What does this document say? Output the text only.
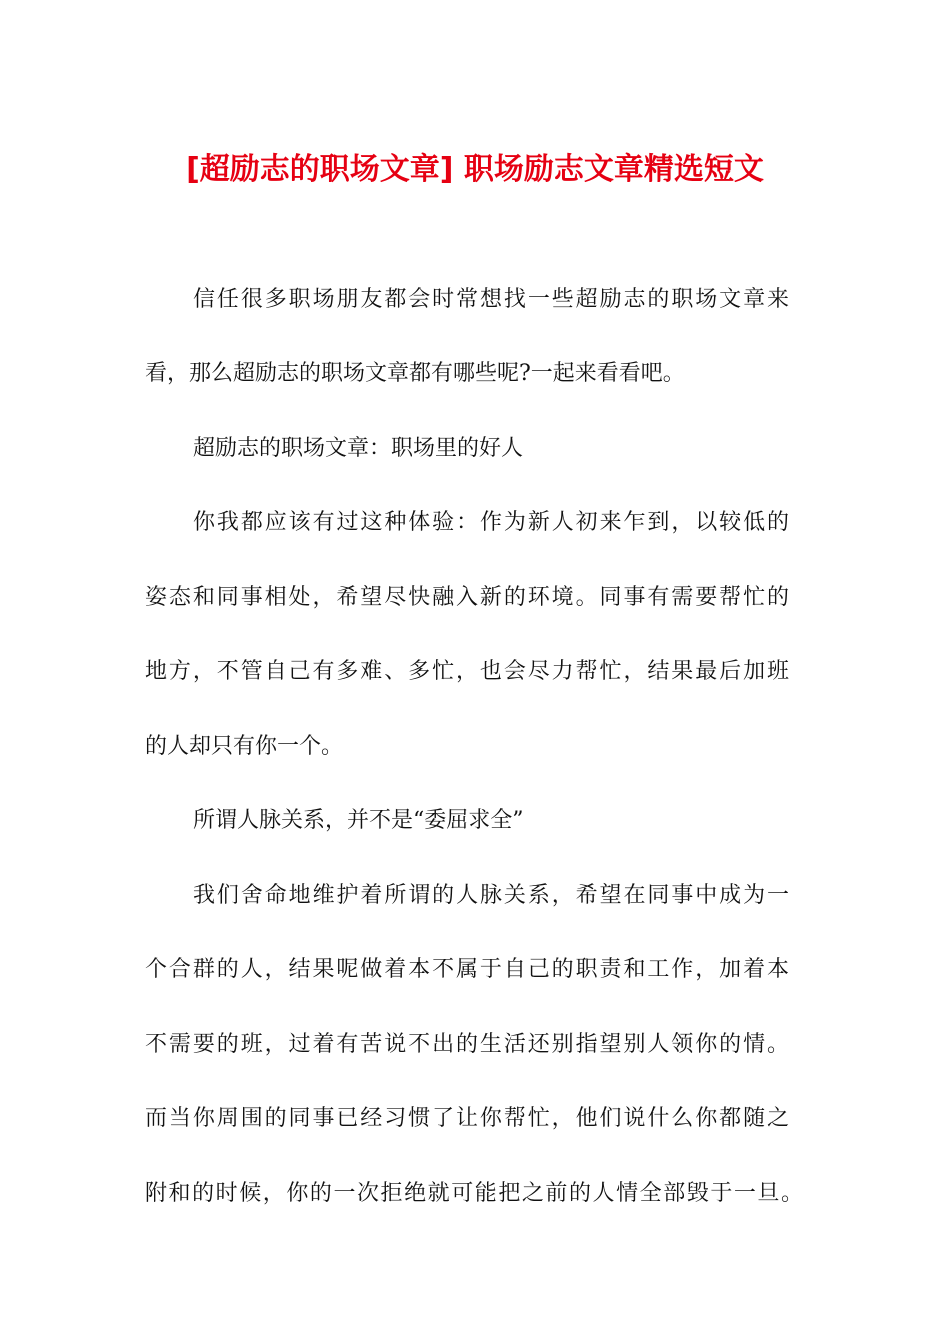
[超励志的职场文章] 职场励志文章精选短文
信任很多职场朋友都会时常想找一些超励志的职场文章来
看，那么超励志的职场文章都有哪些呢?一起来看看吧。
超励志的职场文章：职场里的好人
你我都应该有过这种体验：作为新人初来乍到，以较低的
姿态和同事相处，希望尽快融入新的环境。同事有需要帮忙的
地方，不管自己有多难、多忙，也会尽力帮忙，结果最后加班
的人却只有你一个。
所谓人脉关系，并不是“委屈求全”
我们舍命地维护着所谓的人脉关系，希望在同事中成为一
个合群的人，结果呢做着本不属于自己的职责和工作，加着本
不需要的班，过着有苦说不出的生活还别指望别人领你的情。
而当你周围的同事已经习惯了让你帮忙，他们说什么你都随之
附和的时候，你的一次拒绝就可能把之前的人情全部毁于一旦。
